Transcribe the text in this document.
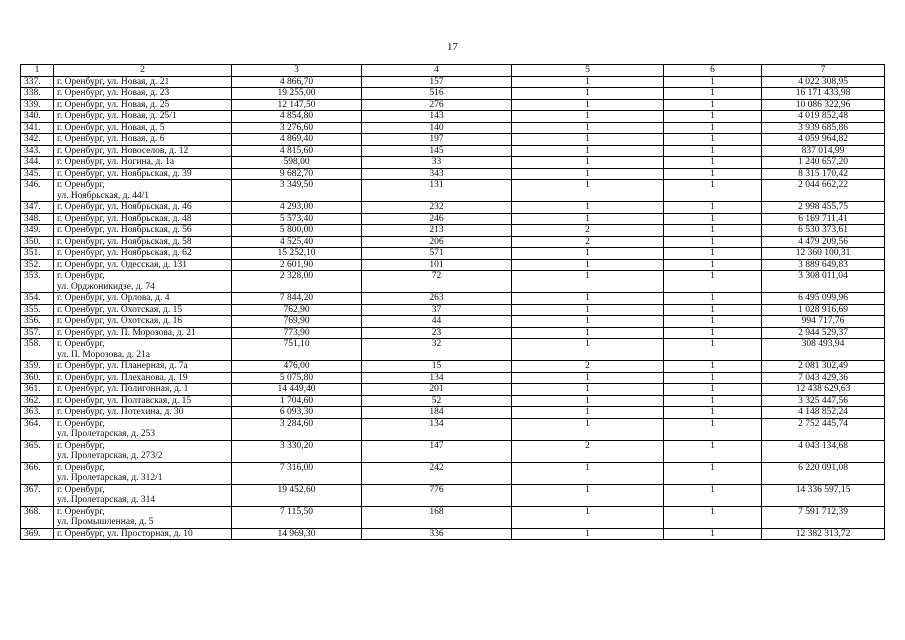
17
1	2	3	4	5	6	7
337.	г. Оренбург, ул. Новая, д. 21	4 866,70	157	1	1	4 022 308,95
338.	г. Оренбург, ул. Новая, д. 23	19 255,00	516	1	1	16 171 433,98
339.	г. Оренбург, ул. Новая, д. 25	12 147,50	276	1	1	10 086 322,96
340.	г. Оренбург, ул. Новая, д. 25/1	4 854,80	143	1	1	4 019 852,48
341.	г. Оренбург, ул. Новая, д. 5	3 276,60	140	1	1	3 939 685,86
342.	г. Оренбург, ул. Новая, д. 6	4 869,40	197	1	1	4 059 964,82
343.	г. Оренбург, ул. Новоселов, д. 12	4 815,60	145	1	1	837 014,99
344.	г. Оренбург, ул. Ногина, д. 1а	598,00	33	1	1	1 240 657,20
345.	г. Оренбург, ул. Ноябрьская, д. 39	9 682,70	343	1	1	8 315 170,42
346.	г. Оренбург,
ул. Ноябрьская, д. 44/1	3 349,50	131	1	1	2 044 662,22
347.	г. Оренбург, ул. Ноябрьская, д. 46	4 293,00	232	1	1	2 998 455,75
348.	г. Оренбург, ул. Ноябрьская, д. 48	5 573,40	246	1	1	6 169 711,41
349.	г. Оренбург, ул. Ноябрьская, д. 56	5 800,00	213	2	1	6 530 373,61
350.	г. Оренбург, ул. Ноябрьская, д. 58	4 525,40	206	2	1	4 479 209,56
351.	г. Оренбург, ул. Ноябрьская, д. 62	15 252,10	571	1	1	12 360 100,31
352.	г. Оренбург, ул. Одесская, д. 131	2 601,90	101	1	1	3 889 649,83
353.	г. Оренбург,
ул. Орджоникидзе, д. 74	2 328,00	72	1	1	3 308 011,04
354.	г. Оренбург, ул. Орлова, д. 4	7 844,20	263	1	1	6 495 099,96
355.	г. Оренбург, ул. Охотская, д. 15	762,90	37	1	1	1 028 916,69
356.	г. Оренбург, ул. Охотская, д. 16	769,90	44	1	1	994 717,76
357.	г. Оренбург, ул. П. Морозова, д. 21	773,90	23	1	1	2 944 529,37
358.	г. Оренбург,
ул. П. Морозова, д. 21а	751,10	32	1	1	308 493,94
359.	г. Оренбург, ул. Планерная, д. 7а	476,00	15	2	1	2 081 302,49
360.	г. Оренбург, ул. Плеханова, д. 19	5 075,80	134	1	1	7 043 429,36
361.	г. Оренбург, ул. Полигонная, д. 1	14 449,40	201	1	1	12 438 629,63
362.	г. Оренбург, ул. Полтавская, д. 15	1 704,60	52	1	1	3 325 447,56
363.	г. Оренбург, ул. Потехина, д. 30	6 093,30	184	1	1	4 148 852,24
364.	г. Оренбург,
ул. Пролетарская, д. 253	3 284,60	134	1	1	2 752 445,74
365.	г. Оренбург,
ул. Пролетарская, д. 273/2	3 330,20	147	2	1	4 043 134,68
366.	г. Оренбург,
ул. Пролетарская, д. 312/1	7 316,00	242	1	1	6 220 091,08
367.	г. Оренбург,
ул. Пролетарская, д. 314	19 452,60	776	1	1	14 336 597,15
368.	г. Оренбург,
ул. Промышленная, д. 5	7 115,50	168	1	1	7 591 712,39
369.	г. Оренбург, ул. Просторная, д. 10	14 969,30	336	1	1	12 382 313,72
